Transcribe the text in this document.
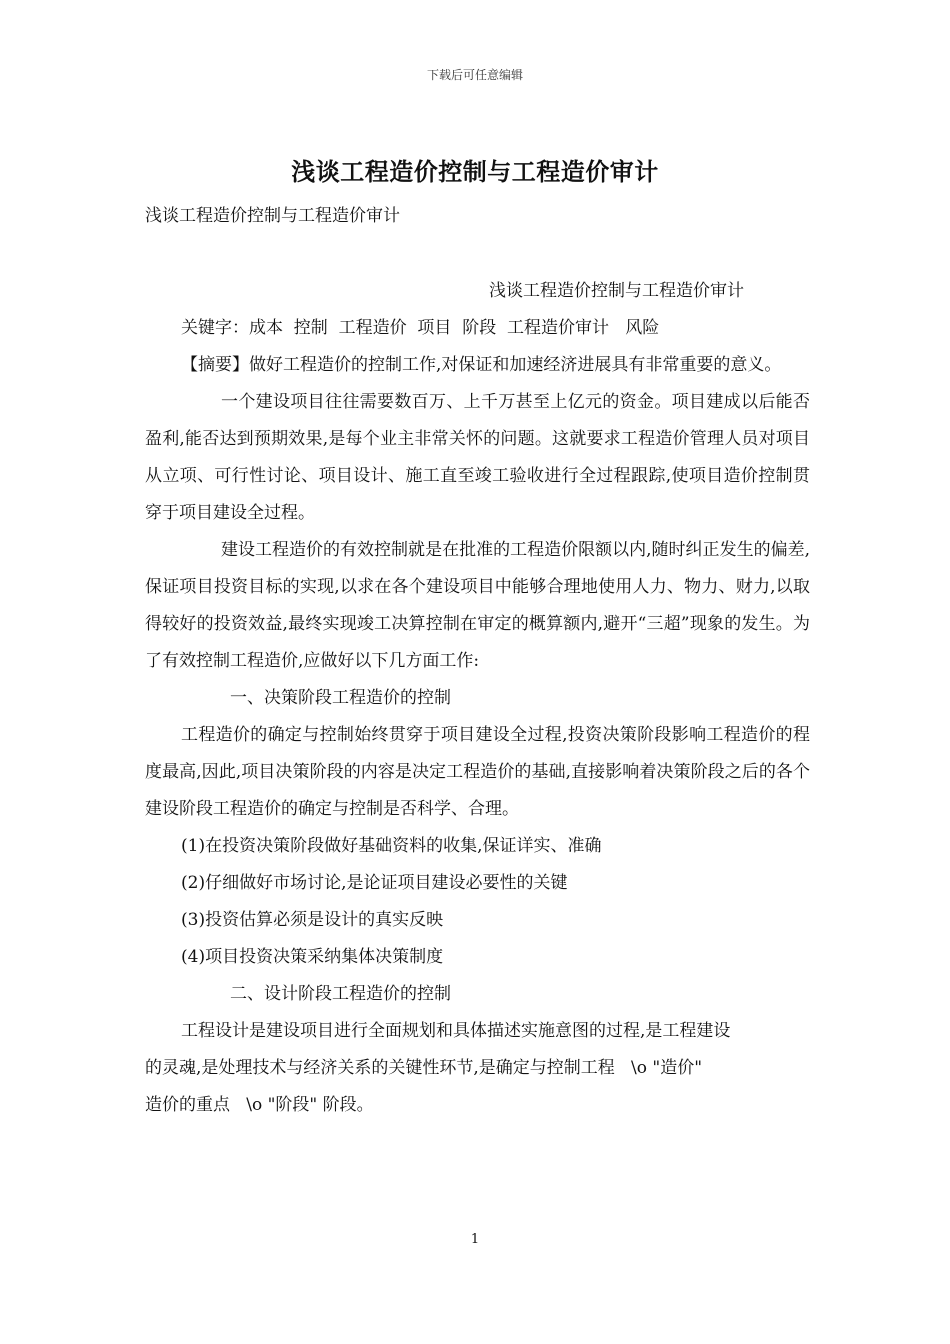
下载后可任意编辑
浅谈工程造价控制与工程造价审计
浅谈工程造价控制与工程造价审计

浅谈工程造价控制与工程造价审计

关键字：成本  控制  工程造价  项目  阶段  工程造价审计   风险

【摘要】做好工程造价的控制工作,对保证和加速经济进展具有非常重要的意义。

一个建设项目往往需要数百万、上千万甚至上亿元的资金。项目建成以后能否盈利,能否达到预期效果,是每个业主非常关怀的问题。这就要求工程造价管理人员对项目从立项、可行性讨论、项目设计、施工直至竣工验收进行全过程跟踪,使项目造价控制贯穿于项目建设全过程。

建设工程造价的有效控制就是在批准的工程造价限额以内,随时纠正发生的偏差,保证项目投资目标的实现,以求在各个建设项目中能够合理地使用人力、物力、财力,以取得较好的投资效益,最终实现竣工决算控制在审定的概算额内,避开“三超”现象的发生。为了有效控制工程造价,应做好以下几方面工作:

一、决策阶段工程造价的控制

工程造价的确定与控制始终贯穿于项目建设全过程,投资决策阶段影响工程造价的程度最高,因此,项目决策阶段的内容是决定工程造价的基础,直接影响着决策阶段之后的各个建设阶段工程造价的确定与控制是否科学、合理。

(1)在投资决策阶段做好基础资料的收集,保证详实、准确

(2)仔细做好市场讨论,是论证项目建设必要性的关键

(3)投资估算必须是设计的真实反映

(4)项目投资决策采纳集体决策制度

二、设计阶段工程造价的控制

工程设计是建设项目进行全面规划和具体描述实施意图的过程,是工程建设

的灵魂,是处理技术与经济关系的关键性环节,是确定与控制工程   \o "造价"

造价的重点   \o "阶段" 阶段。

1
